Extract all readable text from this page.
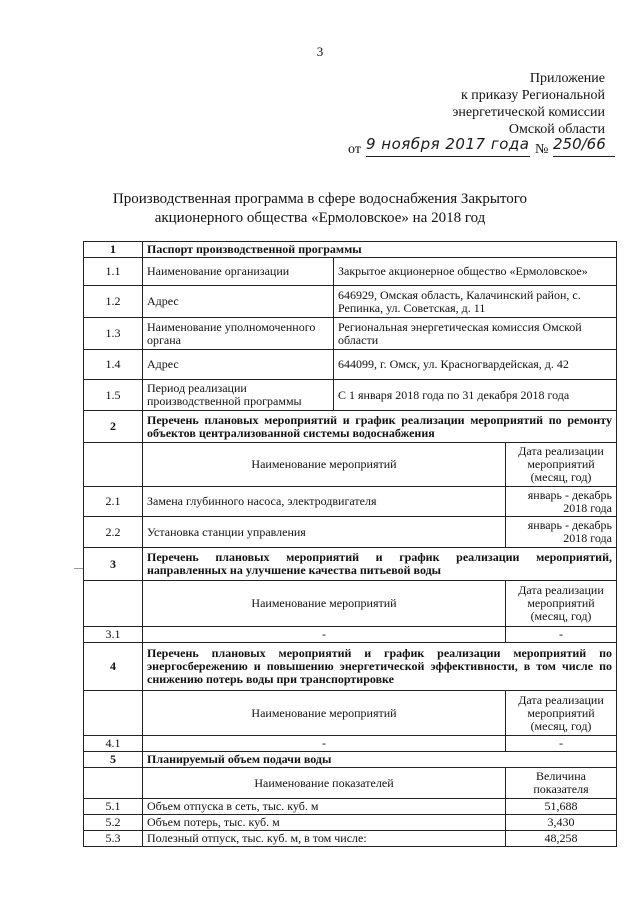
3
Приложение
к приказу Региональной
энергетической комиссии
Омской области
от 9 ноября 2017 года № 250/66
Производственная программа в сфере водоснабжения Закрытого
акционерного общества «Ермоловское» на 2018 год
1	Паспорт производственной программы		
1.1	Наименование организации	Закрытое акционерное общество «Ермоловское»	
1.2	Адрес	646929, Омская область, Калачинский район, с. Репинка, ул. Советская, д. 11	
1.3	Наименование уполномоченного органа	Региональная энергетическая комиссия Омской области	
1.4	Адрес	644099, г. Омск, ул. Красногвардейская, д. 42	
1.5	Период реализации производственной программы	С 1 января 2018 года по 31 декабря 2018 года	
2	Перечень плановых мероприятий и график реализации мероприятий по ремонту объектов централизованной системы водоснабжения		
	Наименование мероприятий		Дата реализации мероприятий (месяц, год)
2.1	Замена глубинного насоса, электродвигателя		январь - декабрь 2018 года
2.2	Установка станции управления		январь - декабрь 2018 года
3	Перечень плановых мероприятий и график реализации мероприятий, направленных на улучшение качества питьевой воды		
	Наименование мероприятий		Дата реализации мероприятий (месяц, год)
3.1	-		-
4	Перечень плановых мероприятий и график реализации мероприятий по энергосбережению и повышению энергетической эффективности, в том числе по снижению потерь воды при транспортировке		
	Наименование мероприятий		Дата реализации мероприятий (месяц, год)
4.1	-		-
5	Планируемый объем подачи воды		
	Наименование показателей		Величина показателя
5.1	Объем отпуска в сеть, тыс. куб. м		51,688
5.2	Объем потерь, тыс. куб. м		3,430
5.3	Полезный отпуск, тыс. куб. м, в том числе:		48,258
